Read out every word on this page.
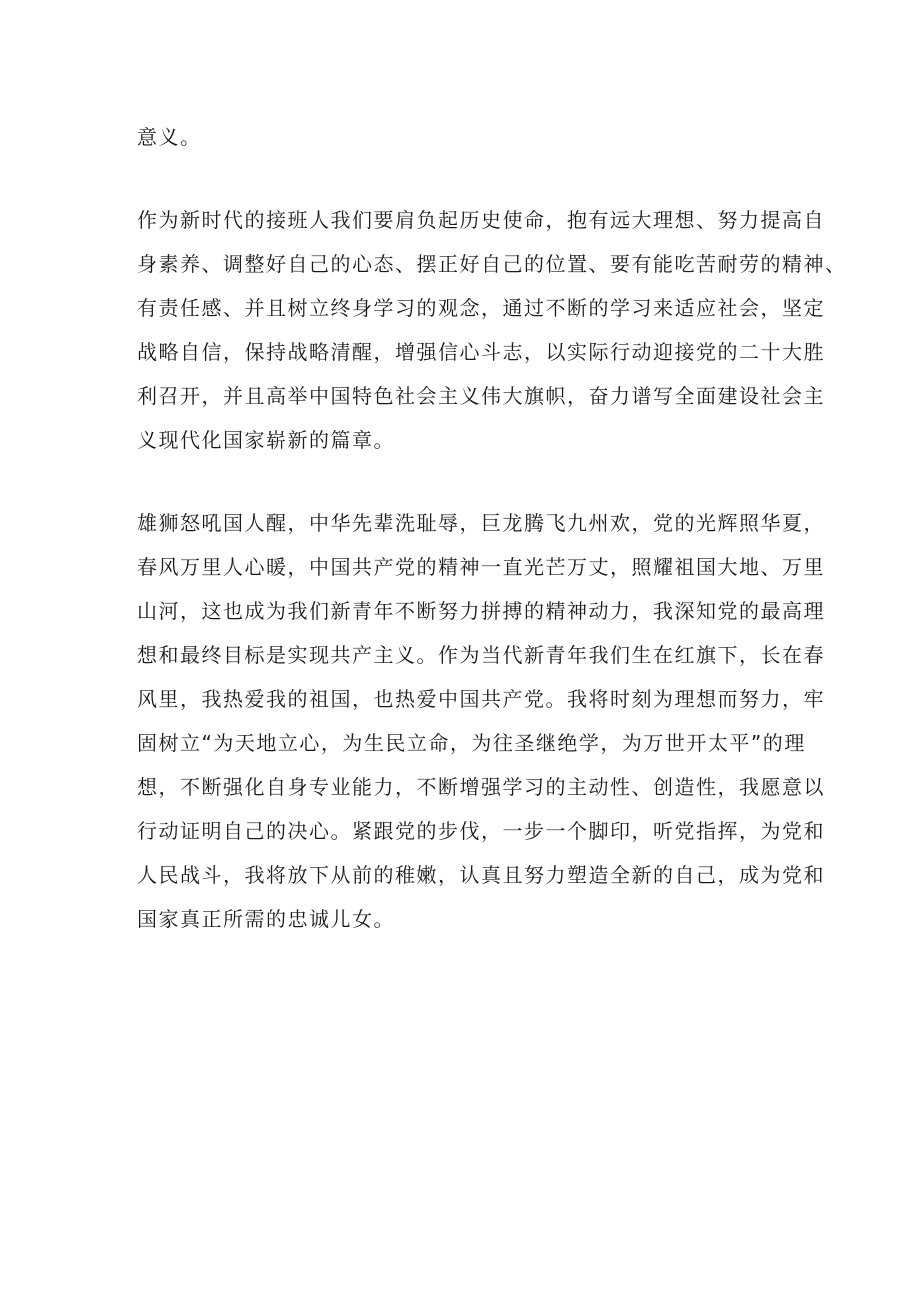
意义。

作为新时代的接班人我们要肩负起历史使命，抱有远大理想、努力提高自

身素养、调整好自己的心态、摆正好自己的位置、要有能吃苦耐劳的精神、

有责任感、并且树立终身学习的观念，通过不断的学习来适应社会，坚定

战略自信，保持战略清醒，增强信心斗志，以实际行动迎接党的二十大胜

利召开，并且高举中国特色社会主义伟大旗帜，奋力谱写全面建设社会主

义现代化国家崭新的篇章。

雄狮怒吼国人醒，中华先辈洗耻辱，巨龙腾飞九州欢，党的光辉照华夏，

春风万里人心暖，中国共产党的精神一直光芒万丈，照耀祖国大地、万里

山河，这也成为我们新青年不断努力拼搏的精神动力，我深知党的最高理

想和最终目标是实现共产主义。作为当代新青年我们生在红旗下，长在春

风里，我热爱我的祖国，也热爱中国共产党。我将时刻为理想而努力，牢

固树立“为天地立心，为生民立命，为往圣继绝学，为万世开太平”的理

想，不断强化自身专业能力，不断增强学习的主动性、创造性，我愿意以

行动证明自己的决心。紧跟党的步伐，一步一个脚印，听党指挥，为党和

人民战斗，我将放下从前的稚嫩，认真且努力塑造全新的自己，成为党和

国家真正所需的忠诚儿女。
